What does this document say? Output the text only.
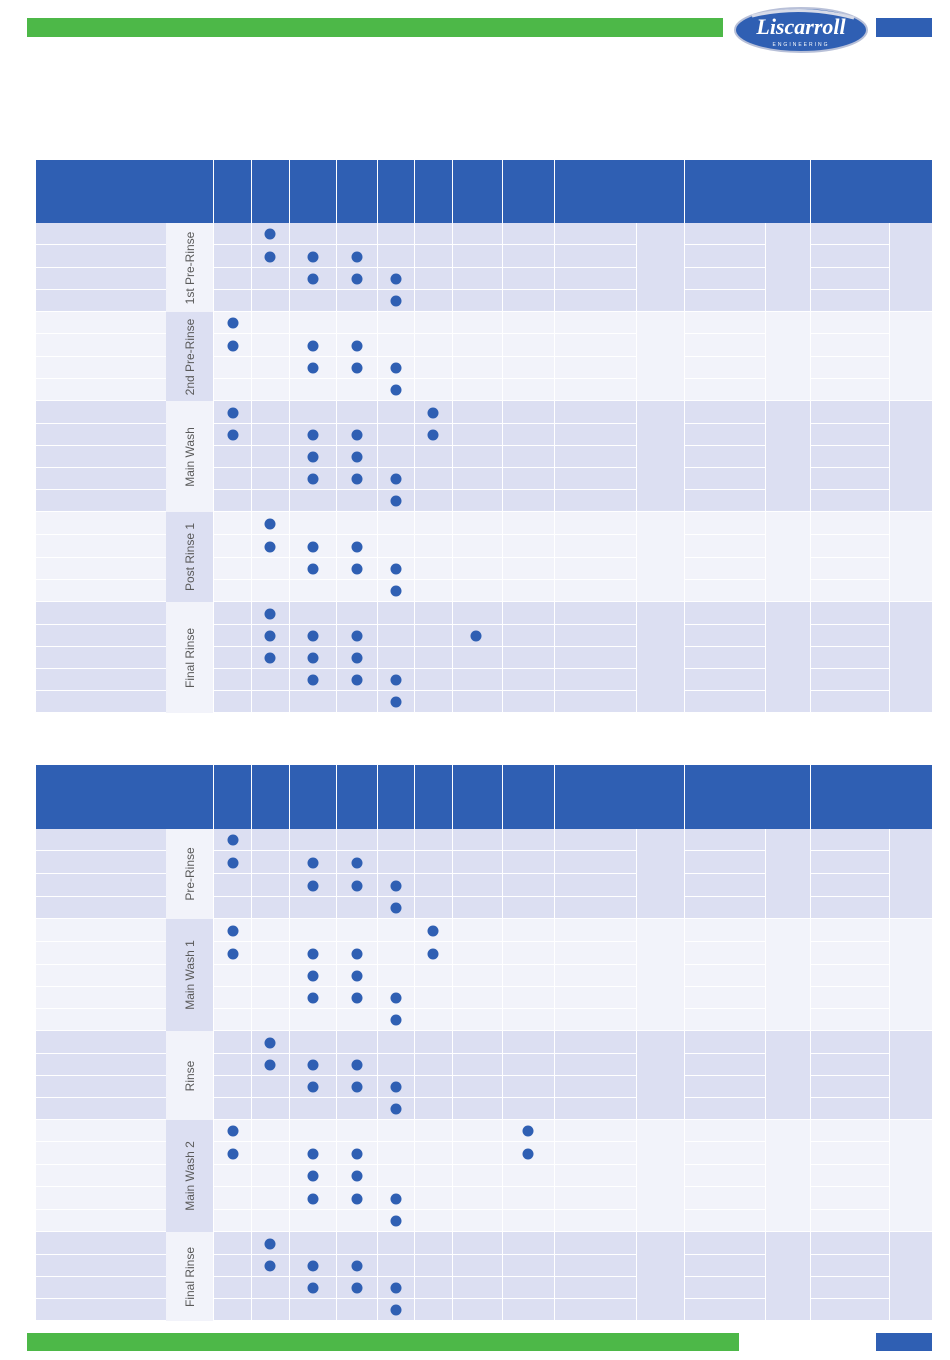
Liscarroll
ENGINEERING
1st Pre-Rinse
2nd Pre-Rinse
Main Wash
Post Rinse 1
Final Rinse
Pre-Rinse
Main Wash 1
Rinse
Main Wash 2
Final Rinse
